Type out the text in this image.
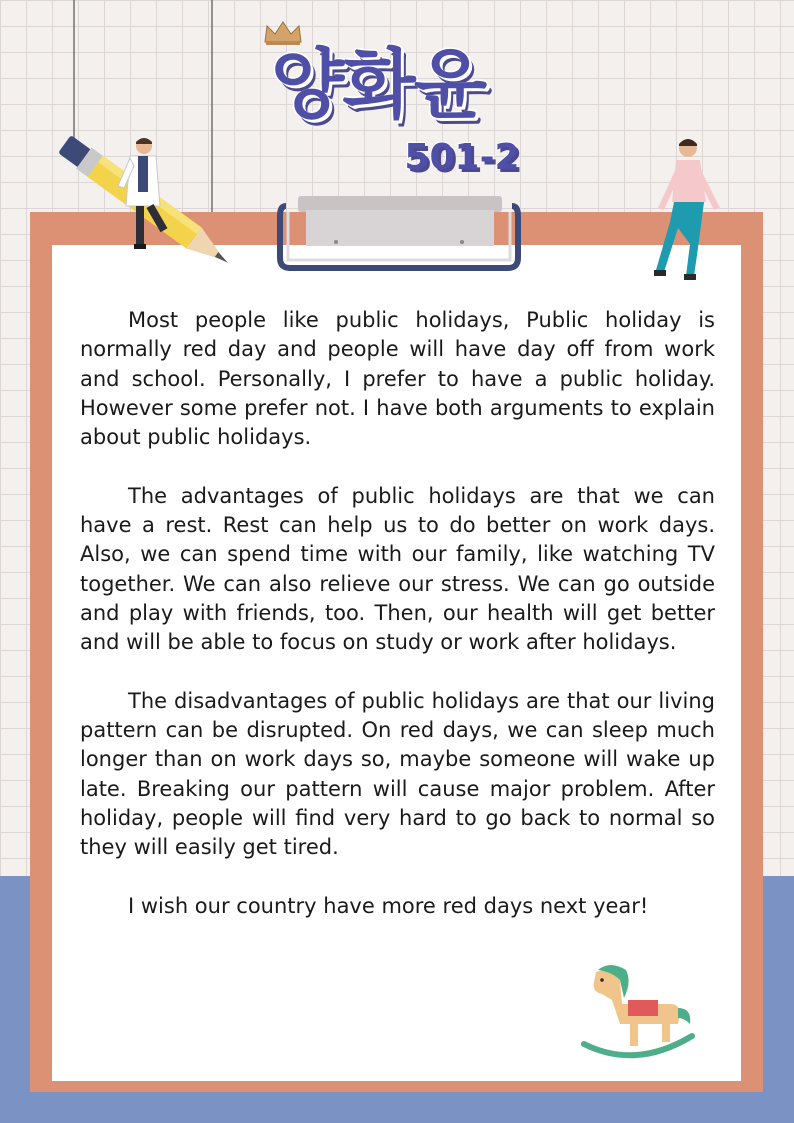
양화윤
501-2

Most people like public holidays, Public holiday is normally red day and people will have day off from work and school. Personally, I prefer to have a public holiday. However some prefer not. I have both arguments to explain about public holidays.

The advantages of public holidays are that we can have a rest. Rest can help us to do better on work days. Also, we can spend time with our family, like watching TV together. We can also relieve our stress. We can go outside and play with friends, too. Then, our health will get better and will be able to focus on study or work after holidays.

The disadvantages of public holidays are that our living pattern can be disrupted. On red days, we can sleep much longer than on work days so, maybe someone will wake up late. Breaking our pattern will cause major problem. After holiday, people will find very hard to go back to normal so they will easily get tired.

I wish our country have more red days next year!
